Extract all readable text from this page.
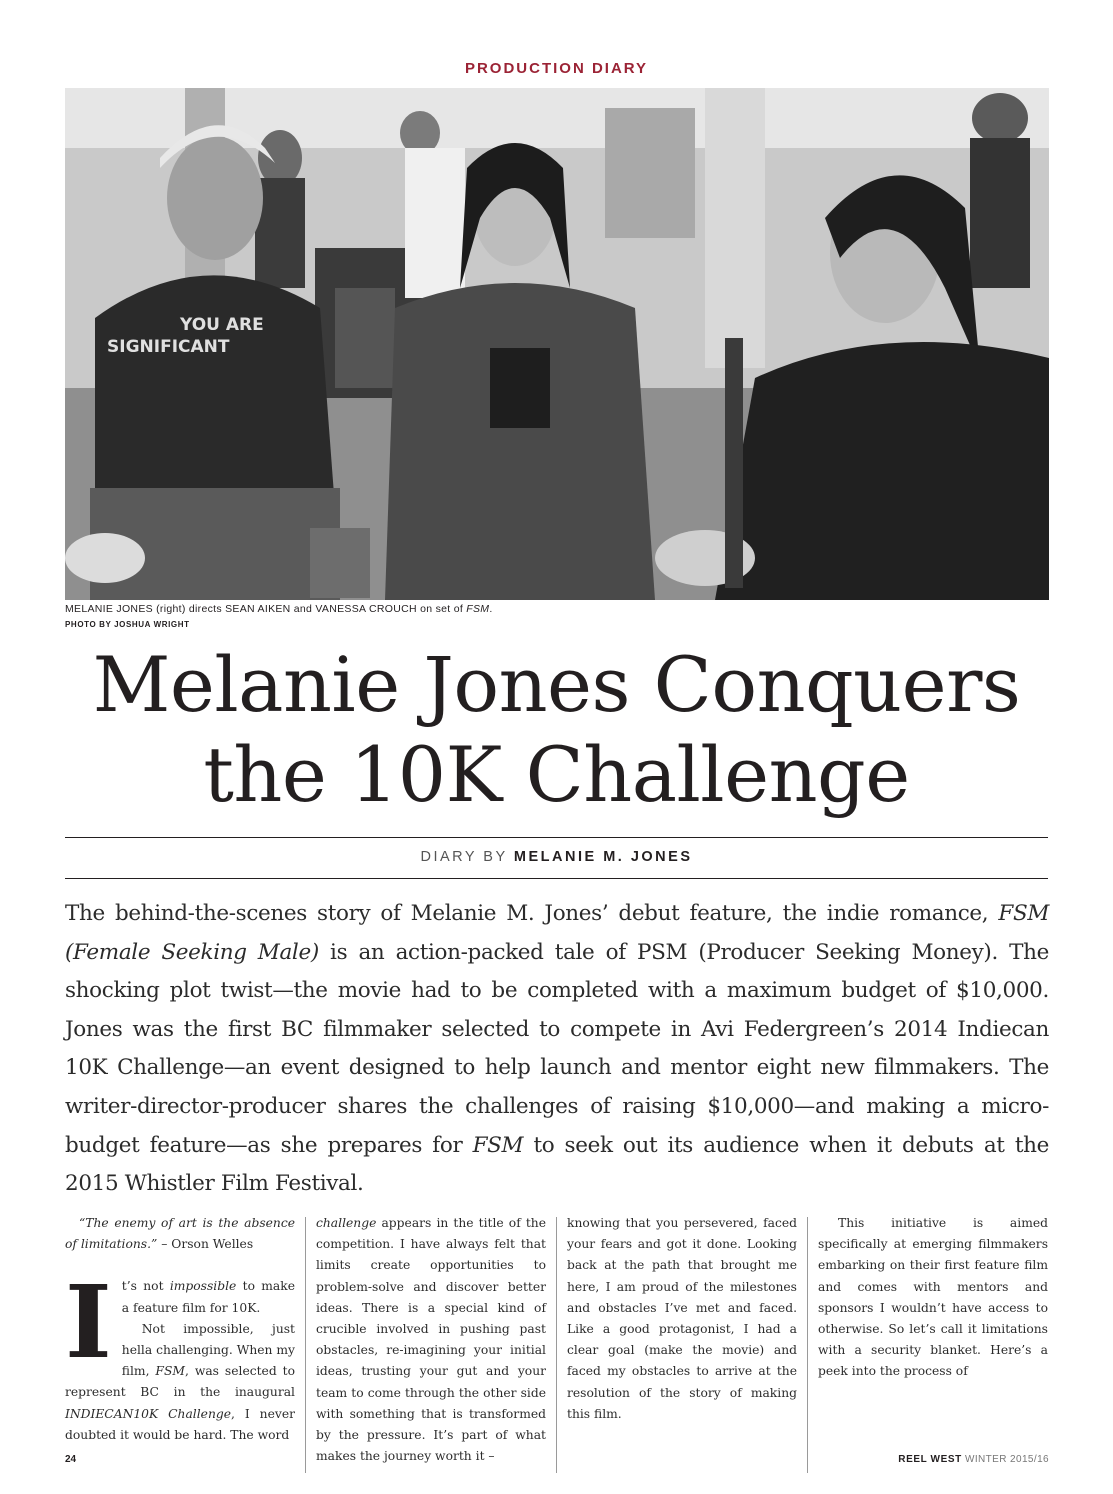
PRODUCTION DIARY
YOU ARE
SIGNIFICANT
MELANIE JONES (right) directs SEAN AIKEN and VANESSA CROUCH on set of FSM.
PHOTO BY JOSHUA WRIGHT
Melanie Jones Conquers
the 10K Challenge
DIARY BY MELANIE M. JONES
The behind-the-scenes story of Melanie M. Jones’ debut feature, the indie romance, FSM (Female Seeking Male) is an action-packed tale of PSM (Producer Seeking Money). The shocking plot twist—the movie had to be completed with a maximum budget of $10,000. Jones was the first BC filmmaker selected to compete in Avi Federgreen’s 2014 Indiecan 10K Challenge—an event designed to help launch and mentor eight new filmmakers. The writer-director-producer shares the challenges of raising $10,000—and making a micro-budget feature—as she prepares for FSM to seek out its audience when it debuts at the 2015 Whistler Film Festival.

“The enemy of art is the absence of limitations.” – Orson Welles

It’s not impossible to make a feature film for 10K.

Not impossible, just hella challenging. When my film, FSM, was selected to represent BC in the inaugural INDIECAN10K Challenge, I never doubted it would be hard. The word

challenge appears in the title of the competition. I have always felt that limits create opportunities to problem-solve and discover better ideas. There is a special kind of crucible involved in pushing past obstacles, re-imagining your initial ideas, trusting your gut and your team to come through the other side with something that is transformed by the pressure. It’s part of what makes the journey worth it –

knowing that you persevered, faced your fears and got it done. Looking back at the path that brought me here, I am proud of the milestones and obstacles I’ve met and faced. Like a good protagonist, I had a clear goal (make the movie) and faced my obstacles to arrive at the resolution of the story of making this film.

This initiative is aimed specifically at emerging filmmakers embarking on their first feature film and comes with mentors and sponsors I wouldn’t have access to otherwise. So let’s call it limitations with a security blanket. Here’s a peek into the process of

24	REEL WEST WINTER 2015/16
